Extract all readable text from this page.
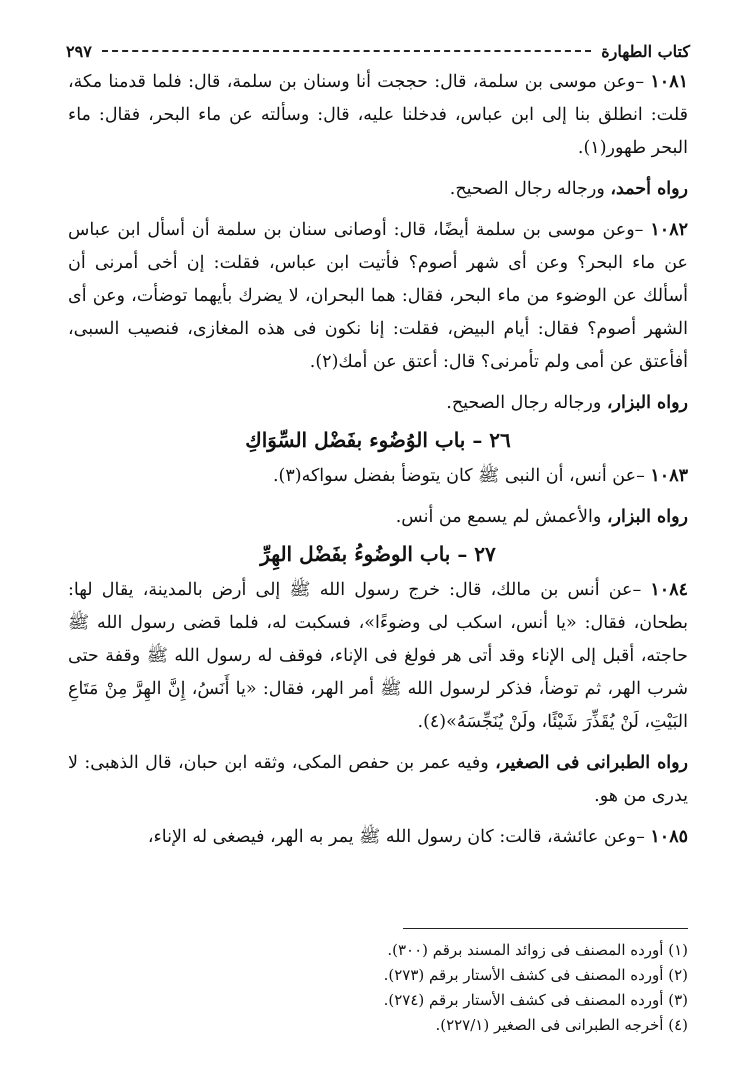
كتاب الطهارة
٢٩٧

١٠٨١ –وعن موسى بن سلمة، قال: حججت أنا وسنان بن سلمة، قال: فلما قدمنا مكة، قلت: انطلق بنا إلى ابن عباس، فدخلنا عليه، قال: وسألته عن ماء البحر، فقال: ماء البحر طهور(١).

رواه أحمد، ورجاله رجال الصحيح.

١٠٨٢ –وعن موسى بن سلمة أيضًا، قال: أوصانى سنان بن سلمة أن أسأل ابن عباس عن ماء البحر؟ وعن أى شهر أصوم؟ فأتيت ابن عباس، فقلت: إن أخى أمرنى أن أسألك عن الوضوء من ماء البحر، فقال: هما البحران، لا يضرك بأيهما توضأت، وعن أى الشهر أصوم؟ فقال: أيام البيض، فقلت: إنا نكون فى هذه المغازى، فنصيب السبى، أفأعتق عن أمى ولم تأمرنى؟ قال: أعتق عن أمك(٢).

رواه البزار، ورجاله رجال الصحيح.

٢٦ – باب الوُضُوء بفَضْل السِّوَاكِ

١٠٨٣ –عن أنس، أن النبى ﷺ كان يتوضأ بفضل سواكه(٣).

رواه البزار، والأعمش لم يسمع من أنس.

٢٧ – باب الوضُوءُ بفَضْل الهِرِّ

١٠٨٤ –عن أنس بن مالك، قال: خرج رسول الله ﷺ إلى أرض بالمدينة، يقال لها: بطحان، فقال: «يا أنس، اسكب لى وضوءًا»، فسكبت له، فلما قضى رسول الله ﷺ حاجته، أقبل إلى الإناء وقد أتى هر فولغ فى الإناء، فوقف له رسول الله ﷺ وقفة حتى شرب الهر، ثم توضأ، فذكر لرسول الله ﷺ أمر الهر، فقال: «يا أَنَسُ، إِنَّ الهِرَّ مِنْ مَتَاعِ البَيْتِ، لَنْ يُقَذِّرَ شَيْئًا، ولَنْ يُنَجِّسَهُ»(٤).

رواه الطبرانى فى الصغير، وفيه عمر بن حفص المكى، وثقه ابن حبان، قال الذهبى: لا يدرى من هو.

١٠٨٥ –وعن عائشة، قالت: كان رسول الله ﷺ يمر به الهر، فيصغى له الإناء،

(١) أورده المصنف فى زوائد المسند برقم (٣٠٠).
(٢) أورده المصنف فى كشف الأستار برقم (٢٧٣).
(٣) أورده المصنف فى كشف الأستار برقم (٢٧٤).
(٤) أخرجه الطبرانى فى الصغير (٢٢٧/١).
